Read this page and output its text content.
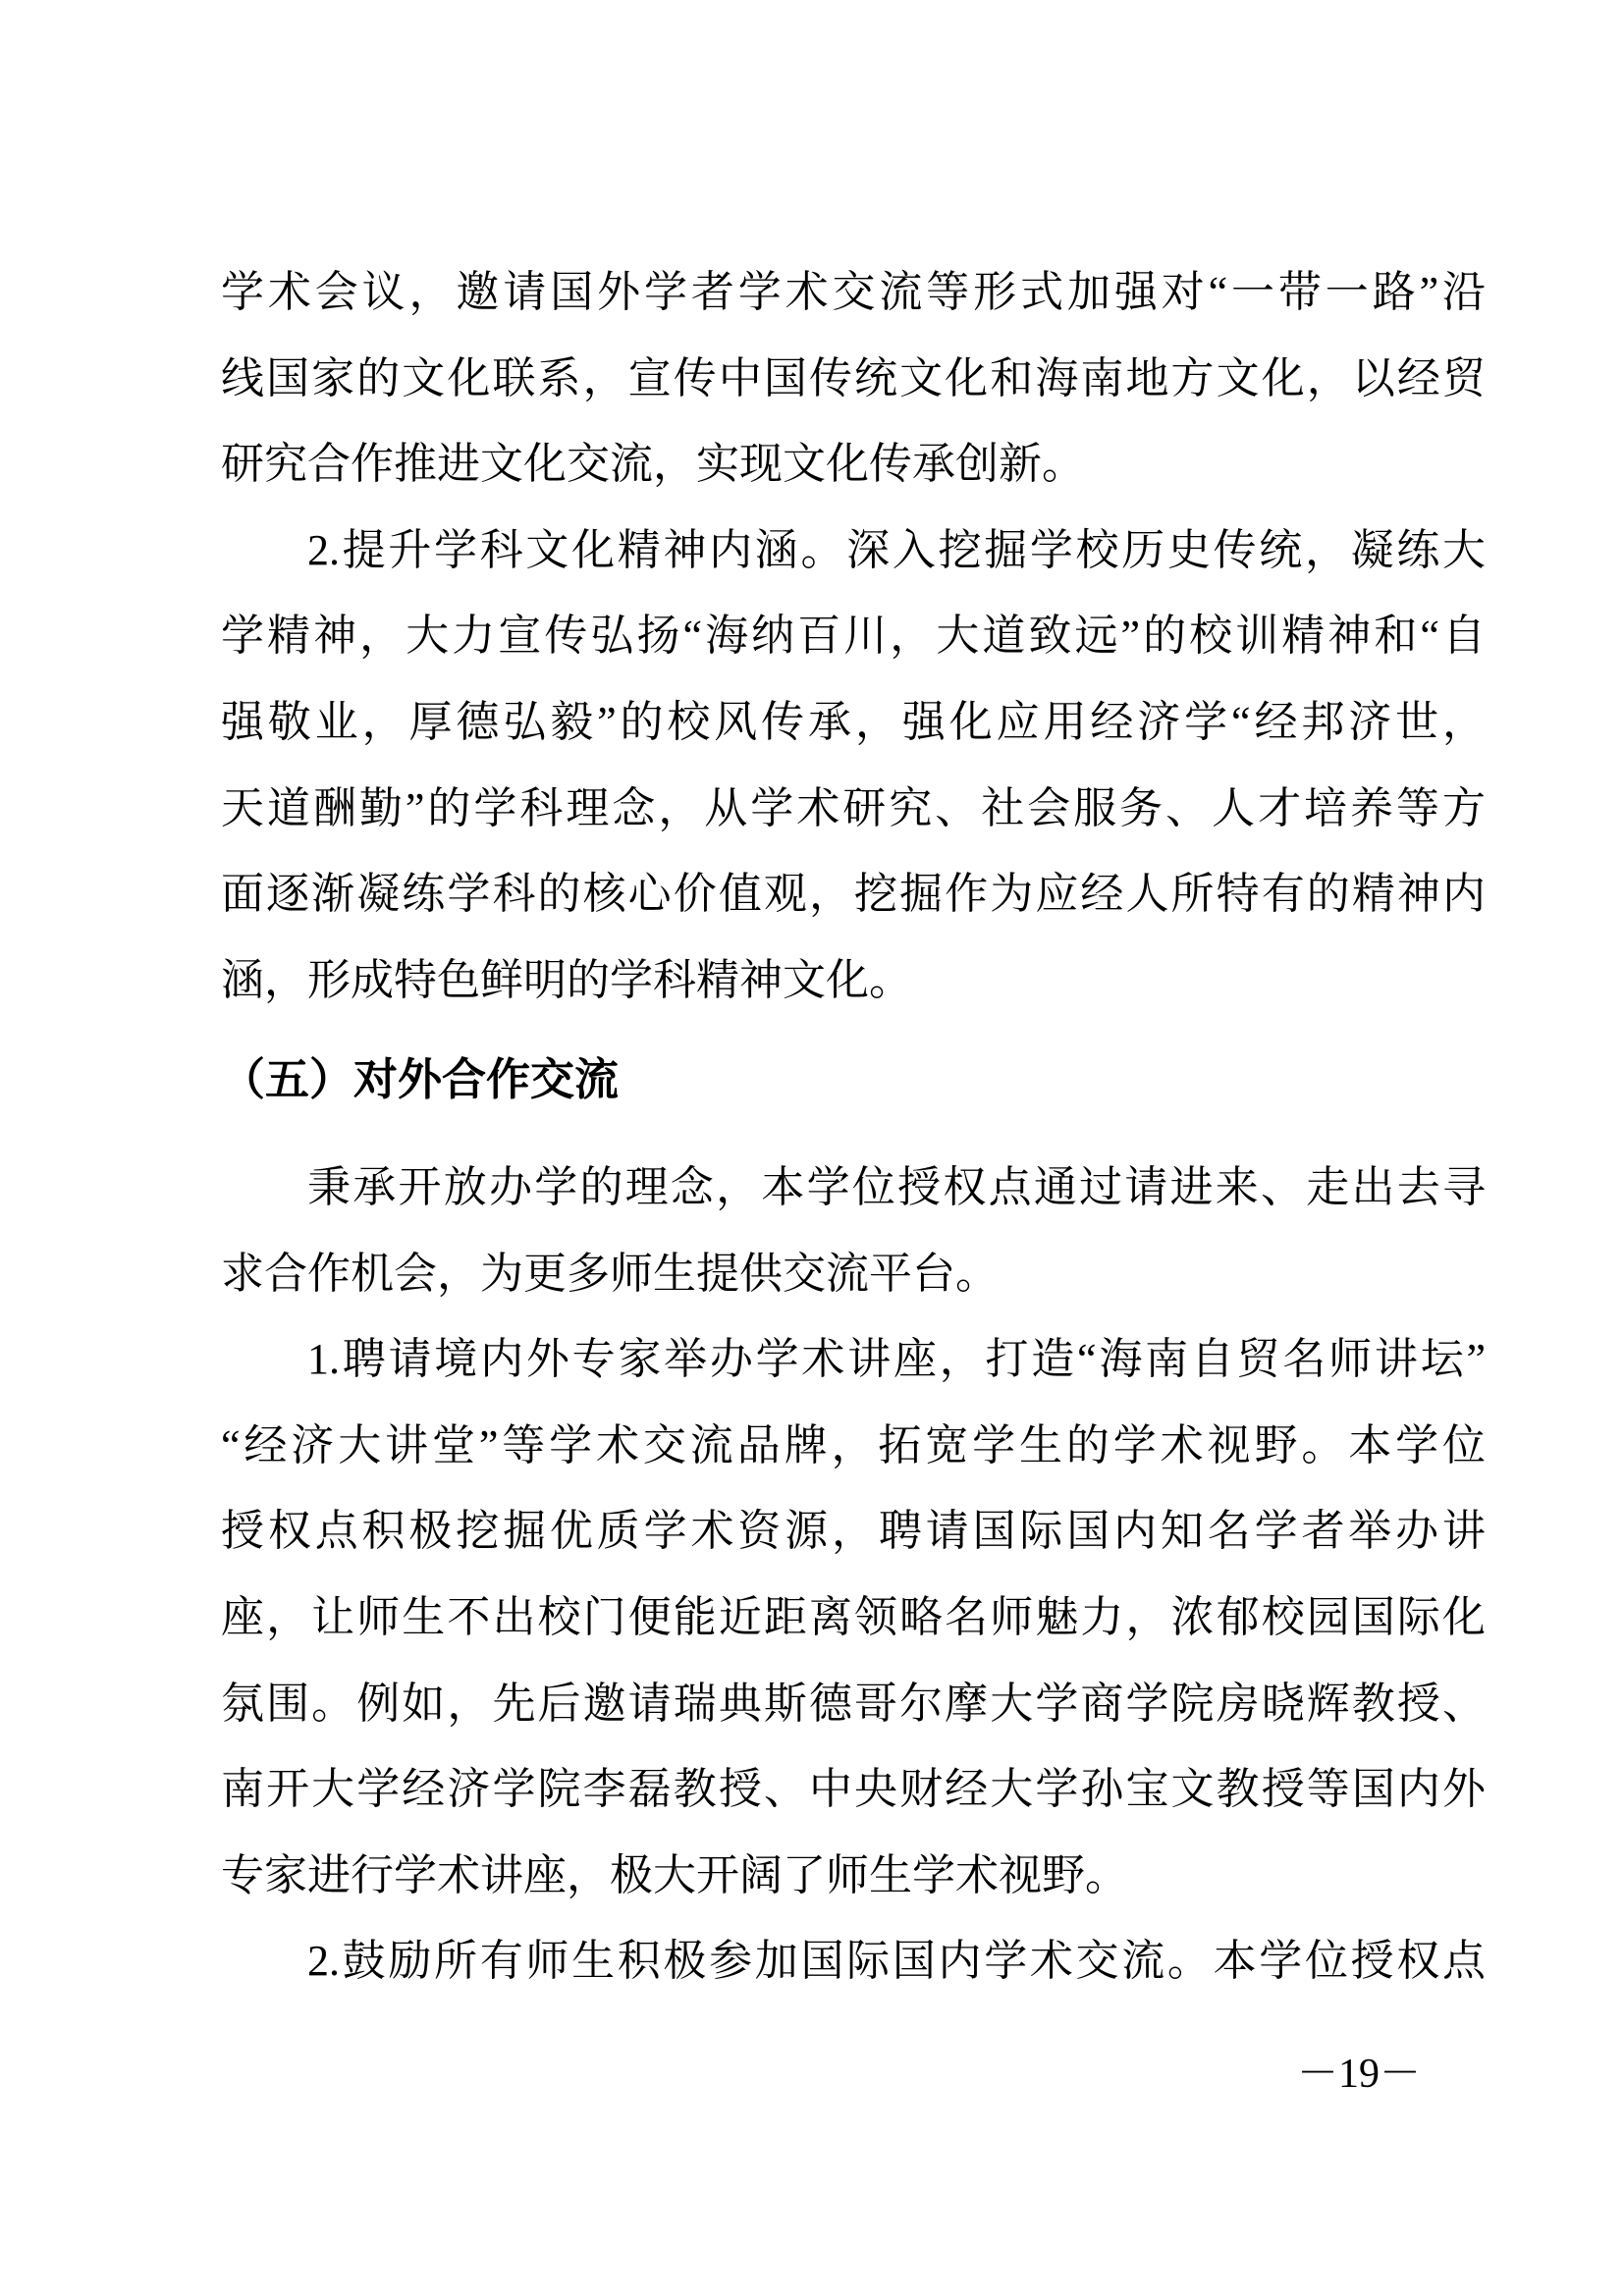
学术会议，邀请国外学者学术交流等形式加强对“一带一路”沿
线国家的文化联系，宣传中国传统文化和海南地方文化，以经贸
研究合作推进文化交流，实现文化传承创新。
2.提升学科文化精神内涵。深入挖掘学校历史传统，凝练大
学精神，大力宣传弘扬“海纳百川，大道致远”的校训精神和“自
强敬业，厚德弘毅”的校风传承，强化应用经济学“经邦济世，
天道酬勤”的学科理念，从学术研究、社会服务、人才培养等方
面逐渐凝练学科的核心价值观，挖掘作为应经人所特有的精神内
涵，形成特色鲜明的学科精神文化。
（五）对外合作交流
秉承开放办学的理念，本学位授权点通过请进来、走出去寻
求合作机会，为更多师生提供交流平台。
1.聘请境内外专家举办学术讲座，打造“海南自贸名师讲坛”
“经济大讲堂”等学术交流品牌，拓宽学生的学术视野。本学位
授权点积极挖掘优质学术资源，聘请国际国内知名学者举办讲
座，让师生不出校门便能近距离领略名师魅力，浓郁校园国际化
氛围。例如，先后邀请瑞典斯德哥尔摩大学商学院房晓辉教授、
南开大学经济学院李磊教授、中央财经大学孙宝文教授等国内外
专家进行学术讲座，极大开阔了师生学术视野。
2.鼓励所有师生积极参加国际国内学术交流。本学位授权点
－19－
